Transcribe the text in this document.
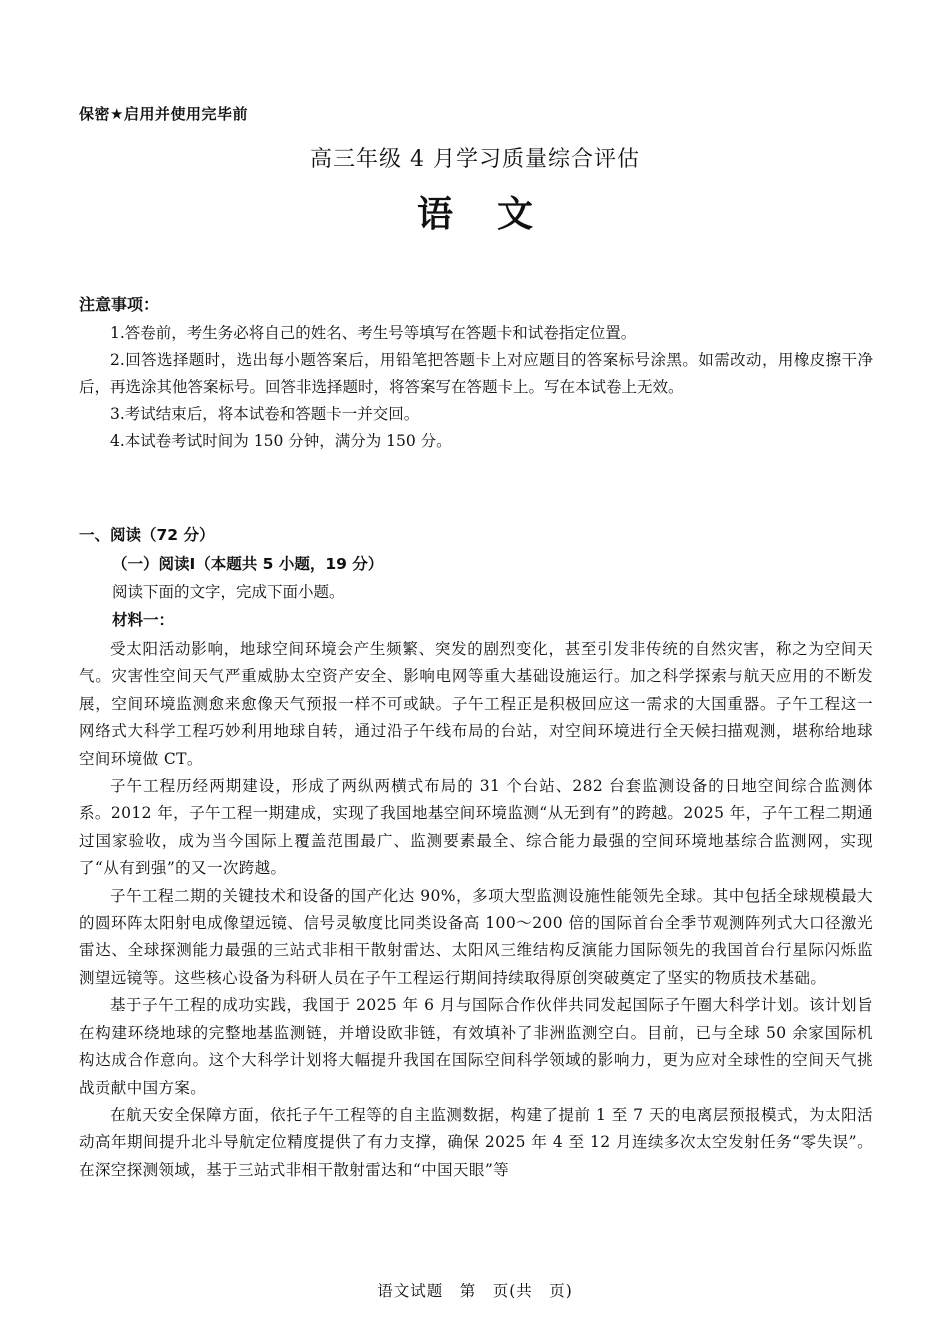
保密★启用并使用完毕前
高三年级 4 月学习质量综合评估
语文
注意事项：

1.答卷前，考生务必将自己的姓名、考生号等填写在答题卡和试卷指定位置。

2.回答选择题时，选出每小题答案后，用铅笔把答题卡上对应题目的答案标号涂黑。如需改动，用橡皮擦干净后，再选涂其他答案标号。回答非选择题时，将答案写在答题卡上。写在本试卷上无效。

3.考试结束后，将本试卷和答题卡一并交回。

4.本试卷考试时间为 150 分钟，满分为 150 分。

一、阅读（72 分）
（一）阅读Ⅰ（本题共 5 小题，19 分）
阅读下面的文字，完成下面小题。
材料一：

受太阳活动影响，地球空间环境会产生频繁、突发的剧烈变化，甚至引发非传统的自然灾害，称之为空间天气。灾害性空间天气严重威胁太空资产安全、影响电网等重大基础设施运行。加之科学探索与航天应用的不断发展，空间环境监测愈来愈像天气预报一样不可或缺。子午工程正是积极回应这一需求的大国重器。子午工程这一网络式大科学工程巧妙利用地球自转，通过沿子午线布局的台站，对空间环境进行全天候扫描观测，堪称给地球空间环境做 CT。

子午工程历经两期建设，形成了两纵两横式布局的 31 个台站、282 台套监测设备的日地空间综合监测体系。2012 年，子午工程一期建成，实现了我国地基空间环境监测“从无到有”的跨越。2025 年，子午工程二期通过国家验收，成为当今国际上覆盖范围最广、监测要素最全、综合能力最强的空间环境地基综合监测网，实现了“从有到强”的又一次跨越。

子午工程二期的关键技术和设备的国产化达 90%，多项大型监测设施性能领先全球。其中包括全球规模最大的圆环阵太阳射电成像望远镜、信号灵敏度比同类设备高 100～200 倍的国际首台全季节观测阵列式大口径激光雷达、全球探测能力最强的三站式非相干散射雷达、太阳风三维结构反演能力国际领先的我国首台行星际闪烁监测望远镜等。这些核心设备为科研人员在子午工程运行期间持续取得原创突破奠定了坚实的物质技术基础。

基于子午工程的成功实践，我国于 2025 年 6 月与国际合作伙伴共同发起国际子午圈大科学计划。该计划旨在构建环绕地球的完整地基监测链，并增设欧非链，有效填补了非洲监测空白。目前，已与全球 50 余家国际机构达成合作意向。这个大科学计划将大幅提升我国在国际空间科学领域的影响力，更为应对全球性的空间天气挑战贡献中国方案。

在航天安全保障方面，依托子午工程等的自主监测数据，构建了提前 1 至 7 天的电离层预报模式，为太阳活动高年期间提升北斗导航定位精度提供了有力支撑，确保 2025 年 4 至 12 月连续多次太空发射任务“零失误”。在深空探测领域，基于三站式非相干散射雷达和“中国天眼”等

语文试题　第　页(共　页)
